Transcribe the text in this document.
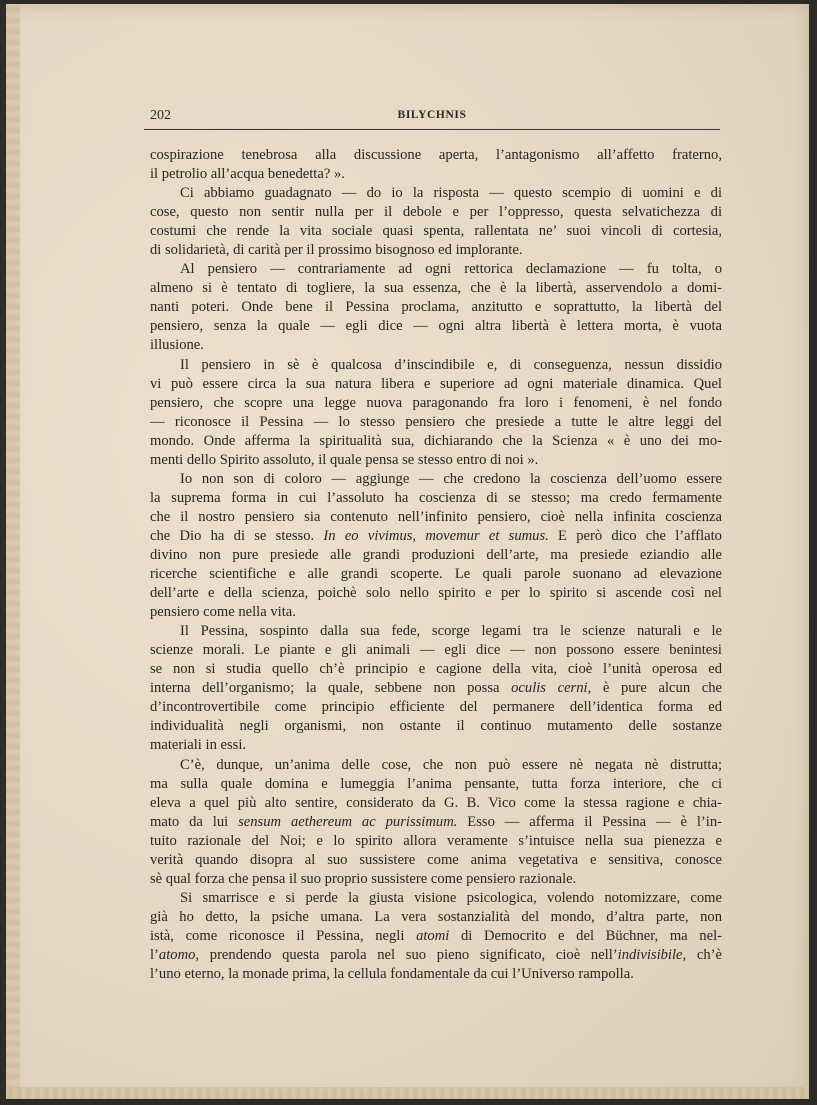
202	BILYCHNIS
cospirazione tenebrosa alla discussione aperta, l’antagonismo all’affetto fraterno,
il petrolio all’acqua benedetta? ».
Ci abbiamo guadagnato — do io la risposta — questo scempio di uomini e di
cose, questo non sentir nulla per il debole e per l’oppresso, questa selvatichezza di
costumi che rende la vita sociale quasi spenta, rallentata ne’ suoi vincoli di cortesia,
di solidarietà, di carità per il prossimo bisognoso ed implorante.
Al pensiero — contrariamente ad ogni rettorica declamazione — fu tolta, o
almeno si è tentato di togliere, la sua essenza, che è la libertà, asservendolo a domi-
nanti poteri. Onde bene il Pessina proclama, anzitutto e soprattutto, la libertà del
pensiero, senza la quale — egli dice — ogni altra libertà è lettera morta, è vuota
illusione.
Il pensiero in sè è qualcosa d’inscindibile e, di conseguenza, nessun dissidio
vi può essere circa la sua natura libera e superiore ad ogni materiale dinamica. Quel
pensiero, che scopre una legge nuova paragonando fra loro i fenomeni, è nel fondo
— riconosce il Pessina — lo stesso pensiero che presiede a tutte le altre leggi del
mondo. Onde afferma la spiritualità sua, dichiarando che la Scienza « è uno dei mo-
menti dello Spirito assoluto, il quale pensa se stesso entro di noi ».
Io non son di coloro — aggiunge — che credono la coscienza dell’uomo essere
la suprema forma in cui l’assoluto ha coscienza di se stesso; ma credo fermamente
che il nostro pensiero sia contenuto nell’infinito pensiero, cioè nella infinita coscienza
che Dio ha di se stesso. In eo vivimus, movemur et sumus. E però dico che l’afflato
divino non pure presiede alle grandi produzioni dell’arte, ma presiede eziandio alle
ricerche scientifiche e alle grandi scoperte. Le quali parole suonano ad elevazione
dell’arte e della scienza, poichè solo nello spirito e per lo spirito si ascende così nel
pensiero come nella vita.
Il Pessina, sospinto dalla sua fede, scorge legami tra le scienze naturali e le
scienze morali. Le piante e gli animali — egli dice — non possono essere benintesi
se non si studia quello ch’è principio e cagione della vita, cioè l’unità operosa ed
interna dell’organismo; la quale, sebbene non possa oculis cerni, è pure alcun che
d’incontrovertibile come principio efficiente del permanere dell’identica forma ed
individualità negli organismi, non ostante il continuo mutamento delle sostanze
materiali in essi.
C’è, dunque, un’anima delle cose, che non può essere nè negata nè distrutta;
ma sulla quale domina e lumeggia l’anima pensante, tutta forza interiore, che ci
eleva a quel più alto sentire, considerato da G. B. Vico come la stessa ragione e chia-
mato da lui sensum aethereum ac purissimum. Esso — afferma il Pessina — è l’in-
tuito razionale del Noi; e lo spirito allora veramente s’intuisce nella sua pienezza e
verità quando disopra al suo sussistere come anima vegetativa e sensitiva, conosce
sè qual forza che pensa il suo proprio sussistere come pensiero razionale.
Si smarrisce e si perde la giusta visione psicologica, volendo notomizzare, come
già ho detto, la psiche umana. La vera sostanzialità del mondo, d’altra parte, non
istà, come riconosce il Pessina, negli atomi di Democrito e del Büchner, ma nel-
l’atomo, prendendo questa parola nel suo pieno significato, cioè nell’indivisibile, ch’è
l’uno eterno, la monade prima, la cellula fondamentale da cui l’Universo rampolla.
